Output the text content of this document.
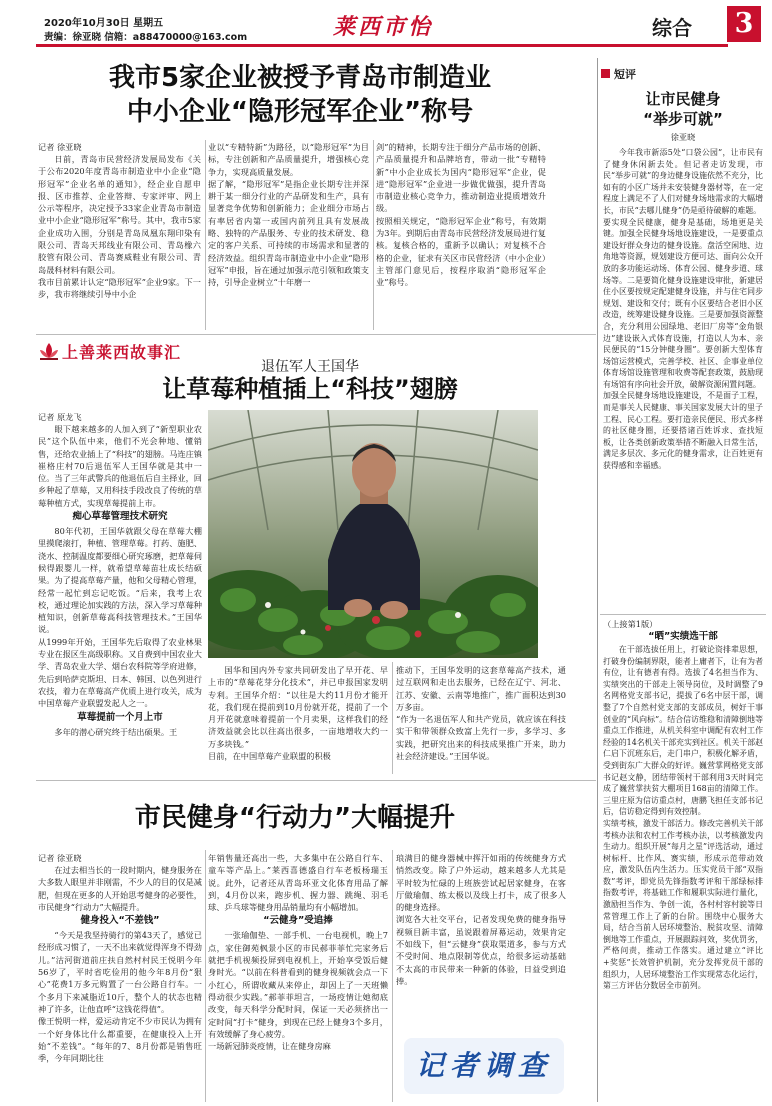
2020年10月30日 星期五
责编：徐亚晓 信箱：a88470000@163.com	莱西市怡	综合 3
我市5家企业被授予青岛市制造业
中小企业“隐形冠军企业”称号
记者 徐亚晓
日前，青岛市民营经济发展局发布《关于公布2020年度青岛市制造业中小企业“隐形冠军”企业名单的通知》，经企业自愿申报、区市推荐、企业答辩、专家评审、网上公示等程序，决定授予33家企业青岛市制造业中小企业“隐形冠军”称号。其中，我市5家企业成功入围，分别是青岛凤凰东翔印染有限公司、青岛天邦线业有限公司、青岛橡六胶管有限公司、青岛赛威鞋业有限公司、青岛晟科材料有限公司。
我市目前累计认定“隐形冠军”企业9家。下一步，我市将继续引导中小企
业以“专精特新”为路径，以“隐形冠军”为目标，专注创新和产品质量提升，增强核心竞争力，实现高质量发展。
据了解，“隐形冠军”是指企业长期专注并深耕于某一细分行业的产品研发和生产，具有显著竞争优势和创新能力；企业细分市场占有率居省内第一或国内前列且具有发展战略、独特的产品服务、专业的技术研发、稳定的客户关系、可持续的市场需求和显著的经济效益。组织青岛市制造业中小企业“隐形冠军”申报，旨在通过加强示范引领和政策支持，引导企业树立“十年磨一
剑”的精神，长期专注于细分产品市场的创新、产品质量提升和品牌培育，带动一批“专精特新”中小企业成长为国内“隐形冠军”企业，促进“隐形冠军”企业进一步做优做强，提升青岛市制造业核心竞争力，推动制造业提质增效升级。
按照相关规定，“隐形冠军企业”称号，有效期为3年。到期后由青岛市民营经济发展局进行复核。复核合格的，重新予以确认；对复核不合格的企业，征求有关区市民营经济（中小企业）主管部门意见后，按程序取消“隐形冠军企业”称号。
上善莱西故事汇
退伍军人王国华
让草莓种植插上“科技”翅膀
记者 原龙飞
眼下越来越多的人加入到了“新型职业农民”这个队伍中来，他们不光会种地、懂销售，还给农业插上了“科技”的翅膀。马连庄镇崔格庄村70后退伍军人王国华就是其中一位。当了三年武警兵的他退伍后自主择业，回乡种起了草莓，又用科技手段改良了传统的草莓种植方式，实现草莓提前上市。
痴心草莓管理技术研究
80年代初，王国华就跟父母在草莓大棚里摸爬滚打，种植、管理草莓。打药、施肥、浇水、控制温度都要细心研究琢磨，把草莓伺候得跟婴儿一样，就希望草莓苗壮成长结硕果。为了提高草莓产量，他和父母精心管理，经常一起忙到忘记吃饭。“后来，我考上农校，通过理论加实践的方法，深入学习草莓种植知识，创新草莓高科技管理技术。”王国华说。
从1999年开始，王国华先后取得了农业林果专业在报区生高级职称。又自费到中国农业大学、青岛农业大学、烟台农科院等学府进修，先后到哈萨克斯坦、日本、韩国、以色列进行农技，着力在草莓高产优质上进行攻关，成为中国草莓产业联盟发起人之一。
草莓提前一个月上市
多年的潜心研究终于结出硕果。王
国华和国内外专家共同研发出了早开花、早上市的“草莓花芽分化技术”，并已申报国家发明专利。王国华介绍：“以往是大约11月份才能开花，我们现在提前到10月份就开花，提前了一个月开花就意味着提前一个月卖果，这样我们的经济效益就会比以往高出很多，一亩地增收大约一万多块钱。”
目前，在中国草莓产业联盟的积极
推动下，王国华发明的这套草莓高产技术，通过互联网和走出去服务，已经在辽宁、河北、江苏、安徽、云南等地推广，推广面积达到30万多亩。
“作为一名退伍军人和共产党员，就应该在科技实干和带领群众致富上先行一步，多学习、多实践，把研究出来的科技成果推广开来，助力社会经济建设。”王国华说。
市民健身“行动力”大幅提升
记者 徐亚晓
在过去相当长的一段时期内，健身服务在大多数人眼里并非刚需，不少人的目的仅是减肥，但现在更多的人开始思考健身的必要性，市民健身“行动力”大幅提升。
健身投入“不差钱”
“今天是我坚持骑行的第43天了，感觉已经形成习惯了，一天不出来就觉得浑身不得劲儿。”沽河街道前庄扶自然村村民王悦明今年56岁了，平时省吃俭用的他今年8月份“狠心”花费1万多元购置了一台公路自行车。一个多月下来减脂近10斤，整个人的状态也精神了许多，让他直呼“这钱花得值”。
像王悦明一样，爱运动肯定不少市民认为拥有一个好身体比什么都重要，在健康投入上开始“不差钱”。“每年的7、8月份都是销售旺季，今年同期比往
年销售量还高出一些，大多集中在公路自行车、童车等产品上。”莱西喜德盛自行车老板杨瑞玉说。此外，记者还从青岛环亚文化体育用品了解到，4月份以来，跑步机、握力器、跳绳、羽毛球、乒乓球等健身用品销量均有小幅增加。
“云健身”受追捧
一张瑜伽垫、一部手机、一台电视机，晚上7点，家住御苑枫景小区的市民郝菲菲忙完家务后就把手机视频投屏到电视机上，开始享受饭后健身时光。“以前在科普看到的健身视频就会点一下小红心，所谓收藏从来停止，却因上了一天班懒得动很少实践。”郝菲菲坦言，一场疫情让她彻底改变，每天科学分配时间，保证一天必须挤出一定时间“打卡”健身，到现在已经上健身3个多月，有效缓解了身心疲劳。
一场新冠肺炎疫情，让在健身房麻
琅满目的健身器械中挥汗如雨的传统健身方式悄然改变。除了户外运动，越来越多人尤其是平时较为忙碌的上班族尝试起居家健身，在客厅做瑜伽、练太极以及线上打卡，成了很多人的健身选择。
浏览各大社交平台，记者发现免费的健身指导视频目新丰富，虽说跟着屏幕运动，效果肯定不如线下，但“云健身”获取渠道多，参与方式不受时间、地点限制等优点，给很多运动基础不太高的市民带来一种新的体验，日益受到追捧。
记者调查
短评
让市民健身
“举步可就”
徐亚晓
今年我市新添5处“口袋公园”，让市民有了健身休闲新去处。但记者走访发现，市民“举步可就”的身边健身设施依然不充分，比如有的小区广场并未安装健身器材等，在一定程度上满足不了人们对健身场地需求的大幅增长，市民“去哪儿健身”仍是亟待破解的难题。
要实现全民健康，健身是基础，场地更是关键。加强全民健身场地设施建设，一是要重点建设好群众身边的健身设施。盘活空闲地、边角地等资源，规划建设方便可达、面向公众开放的多功能运动场、体育公园、健身步道、球场等。二是要简化健身设施建设审批，新建居住小区要按规定配建健身设施，并与住宅同步规划、建设和交付；既有小区要结合老旧小区改造，统筹建设健身设施。三是要加强资源整合，充分利用公园绿地、老旧厂房等“金角银边”建设嵌入式体育设施，打造以人为本、亲民便民的“15分钟健身圈”。要创新大型体育场馆运营模式，完善学校、社区、企事业单位体育场馆设施管理和收费等配套政策，鼓励现有场馆有序向社会开放，破解资源闲置问题。
加强全民健身场地设施建设，不是面子工程，而是事关人民健康、事关国家发展大计的里子工程、民心工程。要打造亲民便民、形式多样的社区健身圈，还要搭诸百姓诉求、查找短板，让各类创新政策举措不断融入日常生活，满足多层次、多元化的健身需求，让百姓更有获得感和幸福感。
（上接第1版）
“晒”实绩选干部
在干部选拔任用上，打破论资排辈思想，打破身份编制界限，能者上庸者下，让有为者有位，让有德者有得。选拔了4名担当作为、实绩突出的干部走上领导岗位，及时调整了9名网格党支部书记，提拔了6名中层干部，调整了7个自然村党支部的支部成员，树好干事创业的“风向标”。结合信访维稳和清障倒地等重点工作推进，从机关科室中调配有农村工作经验的14名机关干部充实到社区。机关干部赵仁启下沉班东后，走门串户，积极化解矛盾，受到街东广大群众的好评。巍营掌网格党支部书记赵文静，团结带领村干部利用3天时间完成了巍营掌扶贫大棚项目168亩的清障工作。三里庄原为信访重点村，唐鹏飞担任支部书记后，信访稳定得到有效控制。
实绩考核，激发干部活力。修改完善机关干部考核办法和农村工作考核办法，以考核激发内生动力。组织开展“每月之星”评选活动，通过树标杆、比作风、赛实绩，形成示范带动效应，激发队伍内生活力。压实党员干部“双指数”考评，即党员先锋指数考评和干部绿标排指数考评，将基础工作和履职实际进行量化，激励担当作为、争创一流，各村村容村貌等日常管理工作上了新的台阶。围绕中心服务大局，结合当前人居环境整治、脱贫攻坚、清障倒地等工作重点，开展跟踪问效，奖优罚劣，严格问责，推动工作落实。通过建立“评比+奖惩”长效管护机制，充分发挥党员干部的组织力，人居环境整治工作实现常态化运行，第三方评估分数居全市前列。
